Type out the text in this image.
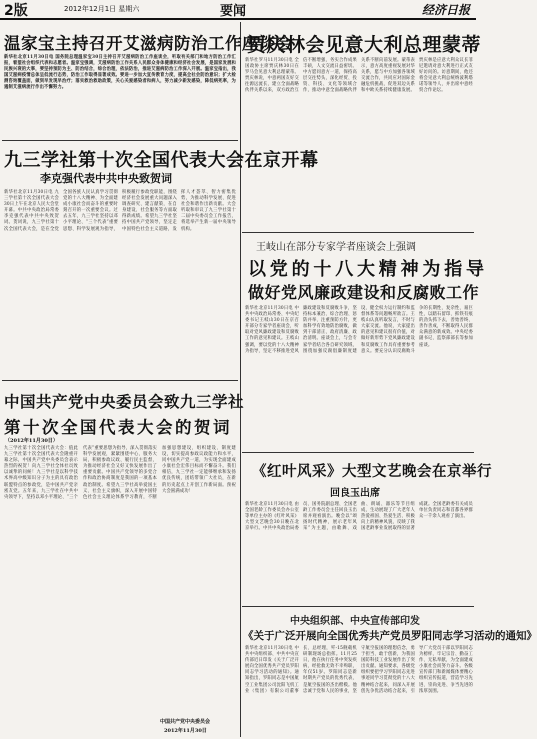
2版	2012年12月1日 星期六	要闻	经济日报
温家宝主持召开艾滋病防治工作座谈会
新华社北京11月30日电 国务院总理温家宝30日主持召开艾滋病防治工作座谈会，听取有关部门和地方防治工作汇报，看望社会组织代表和志愿者。温家宝强调，艾滋病防治工作关系人民群众身体健康和经济社会发展，是国家发展和民族兴衰的大事，要坚持预防为主、防治结合，综合治理，依法防治，推进艾滋病防治工作深入开展。温家宝指出，我国艾滋病疫情总体呈低流行态势，防治工作取得显著成效。要进一步加大宣传教育力度，提高全社会防治意识；扩大检测咨询覆盖面，做到早发现早治疗；落实救治救助政策，关心关爱感染者和病人，努力减少新发感染，降低病死率，为遏制艾滋病流行作出不懈努力。
九三学社第十次全国代表大会在京开幕
李克强代表中共中央致贺词
新华社北京11月30日电 九三学社第十次全国代表大会30日上午在北京人民大会堂开幕。中共中央政治局常委李克强代表中共中央致贺词。贺词说，九三学社第十次全国代表大会，是在全党全国各族人民认真学习贯彻党的十八大精神、为全面建成小康社会而奋斗的重要时刻召开的一次重要会议。过去五年，九三学社坚持以邓小平理论、“三个代表”重要思想、科学发展观为指导，积极履行参政党职能，围绕经济社会发展重大问题深入调查研究、建言献策，在自身建设、社会服务等方面取得新成绩。希望九三学社坚持中国共产党领导，坚定走中国特色社会主义道路，发挥人才荟萃、智力密集优势，为推动科学发展、促进社会和谐作出新贡献。大会听取和审议了九三学社第十二届中央委员会工作报告，将选举产生新一届中央领导机构。
中国共产党中央委员会致九三学社
第十次全国代表大会的贺词
（2012年11月30日）
九三学社第十次全国代表大会：值此九三学社第十次全国代表大会隆重开幕之际，中国共产党中央委员会表示热烈的祝贺！向九三学社全体社员致以诚挚的问候！九三学社是以科学技术界高中级知识分子为主的具有政治联盟特点的参政党，是中国共产党亲密友党。五年来，九三学社在中共中央领导下，坚持以邓小平理论、“三个代表”重要思想为指导，深入贯彻落实科学发展观，紧紧围绕中心、服务大局，积极参政议政、履行民主监督，为推动经济社会又好又快发展作出了重要贡献。中国共产党领导的多党合作和政治协商制度是我国的一项基本政治制度。希望九三学社高举爱国主义、社会主义旗帜，深入开展中国特色社会主义理论体系学习教育，不断加强思想建设、组织建设、制度建设，切实提高参政议政能力和水平，同中国共产党一道，为实现全面建成小康社会宏伟目标而不懈奋斗。我们相信，九三学社一定能够继承和发扬优良传统，团结带领广大社员，在新的历史起点上开创工作新局面。预祝大会圆满成功！
中国共产党中央委员会
2012年11月30日
贾庆林会见意大利总理蒙蒂
新华社罗马11月30日电 全国政协主席贾庆林30日在罗马会见意大利总理蒙蒂。贾庆林说，中意两国友好交往源远流长，建立全面战略伙伴关系以来，双方政治互信不断增强，务实合作成果丰硕，人文交流日益密切。中方愿同意方一道，保持高层交往势头，深化经贸、投资、科技、文化等领域合作，推动中意全面战略伙伴关系不断向前发展。蒙蒂表示，意方高度重视发展对华关系，愿与中方加强各领域交流合作，共同应对国际金融危机挑战，促进双边关系和中欧关系持续健康发展。贾庆林是应意大利众议长菲尼邀请对意大利进行正式友好访问的。访意期间，他还将会见意大利总统纳波利塔诺等领导人，并出席中意经贸合作论坛。
王岐山在部分专家学者座谈会上强调
以党的十八大精神为指导
做好党风廉政建设和反腐败工作
新华社北京11月30日电 中共中央政治局常委、中央纪委书记王岐山30日在京召开部分专家学者座谈会，听取对党风廉政建设和反腐败工作的意见和建议。王岐山强调，要以党的十八大精神为指导，坚定不移推进党风廉政建设和反腐败斗争，坚持标本兼治、综合治理、惩防并举、注重预防方针，更加科学有效地防治腐败，做到干部清正、政府清廉、政治清明。座谈会上，与会专家学者结合各自研究领域，围绕加强反腐倡廉制度建设、健全权力运行制约和监督体系等问题畅所欲言。王岐山认真听取发言，不时与大家交流。他说，大家提出的意见和建议很有价值，对做好新形势下党风廉政建设和反腐败工作具有重要参考意义。要充分认识反腐败斗争的长期性、复杂性、艰巨性，以踏石留印、抓铁有痕的劲头抓下去，善始善终、善作善成，不断取得人民群众满意的新成效。中央纪委副书记、监察部部长等参加座谈。
《红叶风采》大型文艺晚会在京举行
回良玉出席
新华社北京11月30日电 由全国老龄工作委员会办公室等单位主办的《红叶风采》大型文艺晚会30日晚在北京举行。中共中央政治局委员、国务院副总理、全国老龄工作委员会主任回良玉出席并观看演出。晚会以“颂扬时代精神，展示老年风采”为主题，由歌舞、戏曲、朗诵、器乐等节目组成，生动展现了广大老年人热爱祖国、热爱生活、积极向上的精神风貌，反映了我国老龄事业发展取得的显著成就。全国老龄委有关成员单位负责同志和首都各界群众一千余人观看了演出。
中央组织部、中央宣传部印发
《关于广泛开展向全国优秀共产党员罗阳同志学习活动的通知》
新华社北京11月30日电 中共中央组织部、中共中央宣传部近日印发《关于广泛开展向全国优秀共产党员罗阳同志学习活动的通知》。通知指出，罗阳同志是中国航空工业集团公司沈阳飞机工业（集团）有限公司董事长、总经理，歼-15舰载机研制现场总指挥。11月25日，他在执行任务中突发疾病，经抢救无效不幸殉职，年仅51岁。罗阳同志是新时期共产党员的优秀代表，是航空报国的杰出楷模。他忠诚于党和人民的事业，坚守航空报国的理想信念，勇于担当、敢于创新，为我国国防科技工业发展作出了突出贡献。通知要求，各级党组织要把学习罗阳同志先进事迹同学习贯彻党的十八大精神结合起来，同深入开展创先争优活动结合起来，引导广大党员干部以罗阳同志为榜样，牢记宗旨、勤奋工作、无私奉献，为全面建成小康社会而努力奋斗。各级宣传部门和新闻媒体要精心组织宣传报道，营造学习先进、崇尚先进、争当先进的浓厚氛围。
